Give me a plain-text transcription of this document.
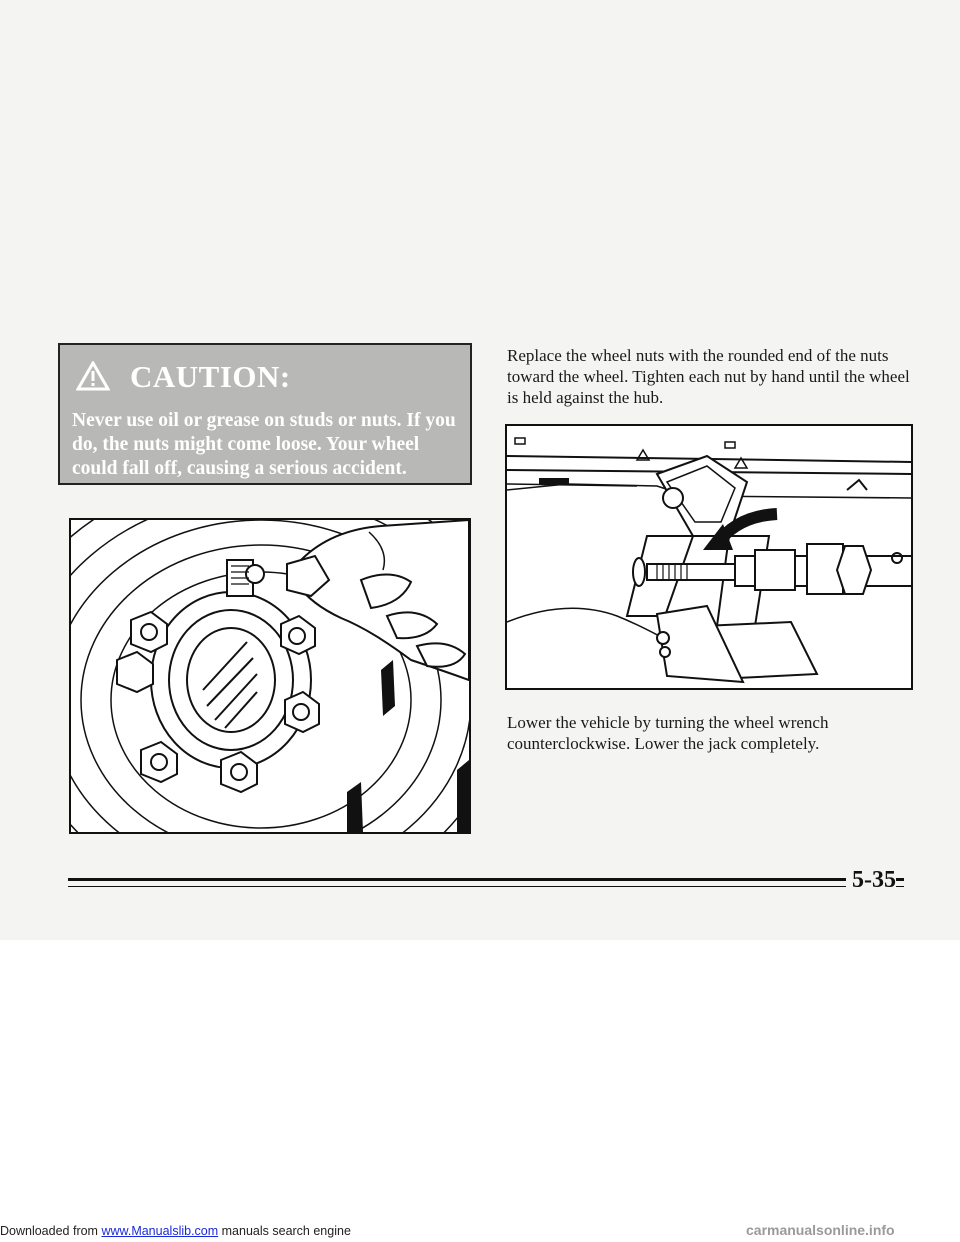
CAUTION:
Never use oil or grease on studs or nuts. If you do, the nuts might come loose. Your wheel could fall off, causing a serious accident.
Replace the wheel nuts with the rounded end of the nuts toward the wheel. Tighten each nut by hand until the wheel is held against the hub.
Lower the vehicle by turning the wheel wrench counterclockwise. Lower the jack completely.
5-35
Downloaded from www.Manualslib.com manuals search engine	carmanualsonline.info
